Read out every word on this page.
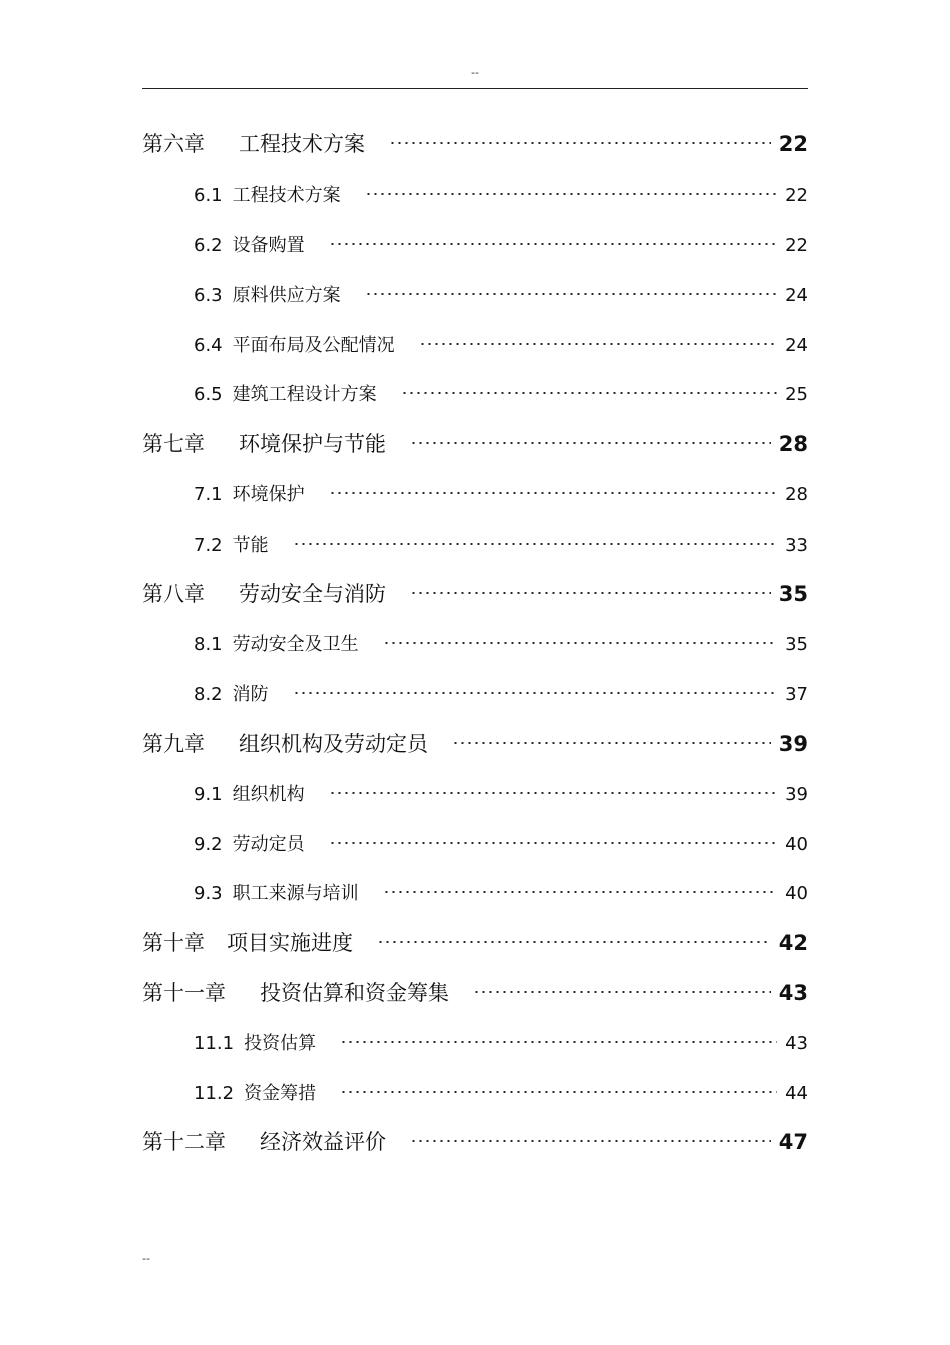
--
第六章 工程技术方案	22
6.1 工程技术方案	22
6.2 设备购置	22
6.3 原料供应方案	24
6.4 平面布局及公配情况	24
6.5 建筑工程设计方案	25
第七章 环境保护与节能	28
7.1 环境保护	28
7.2 节能	33
第八章 劳动安全与消防	35
8.1 劳动安全及卫生	35
8.2 消防	37
第九章 组织机构及劳动定员	39
9.1 组织机构	39
9.2 劳动定员	40
9.3 职工来源与培训	40
第十章 项目实施进度	42
第十一章 投资估算和资金筹集	43
11.1 投资估算	43
11.2 资金筹措	44
第十二章 经济效益评价	47
--
